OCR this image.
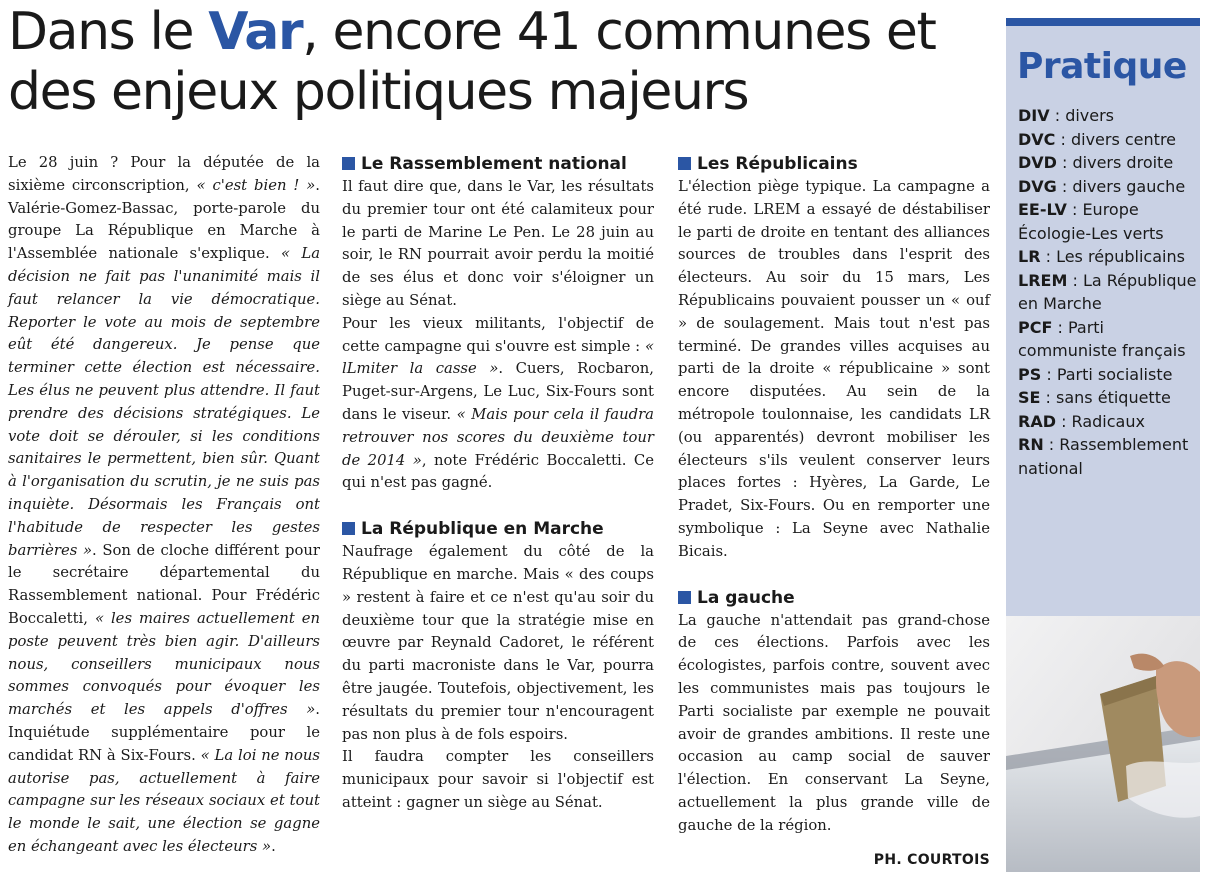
Dans le Var, encore 41 communes et des enjeux politiques majeurs

Le 28 juin ? Pour la députée de la sixième circonscription, « c'est bien ! ». Valérie-Gomez-Bassac, porte-parole du groupe La République en Marche à l'Assemblée nationale s'explique. « La décision ne fait pas l'unanimité mais il faut relancer la vie démocratique. Reporter le vote au mois de septembre eût été dangereux. Je pense que terminer cette élection est nécessaire. Les élus ne peuvent plus attendre. Il faut prendre des décisions stratégiques. Le vote doit se dérouler, si les conditions sanitaires le permettent, bien sûr. Quant à l'organisation du scrutin, je ne suis pas inquiète. Désormais les Français ont l'habitude de respecter les gestes barrières ». Son de cloche différent pour le secrétaire départemental du Rassemblement national. Pour Frédéric Boccaletti, « les maires actuellement en poste peuvent très bien agir. D'ailleurs nous, conseillers municipaux nous sommes convoqués pour évoquer les marchés et les appels d'offres ». Inquiétude supplémentaire pour le candidat RN à Six-Fours. « La loi ne nous autorise pas, actuellement à faire campagne sur les réseaux sociaux et tout le monde le sait, une élection se gagne en échangeant avec les électeurs ».

Le Rassemblement national

Il faut dire que, dans le Var, les résultats du premier tour ont été calamiteux pour le parti de Marine Le Pen. Le 28 juin au soir, le RN pourrait avoir perdu la moitié de ses élus et donc voir s'éloigner un siège au Sénat.

Pour les vieux militants, l'objectif de cette campagne qui s'ouvre est simple : « lLmiter la casse ». Cuers, Rocbaron, Puget-sur-Argens, Le Luc, Six-Fours sont dans le viseur. « Mais pour cela il faudra retrouver nos scores du deuxième tour de 2014 », note Frédéric Boccaletti. Ce qui n'est pas gagné.

La République en Marche

Naufrage également du côté de la République en marche. Mais « des coups » restent à faire et ce n'est qu'au soir du deuxième tour que la stratégie mise en œuvre par Reynald Cadoret, le référent du parti macroniste dans le Var, pourra être jaugée. Toutefois, objectivement, les résultats du premier tour n'encouragent pas non plus à de fols espoirs.

Il faudra compter les conseillers municipaux pour savoir si l'objectif est atteint : gagner un siège au Sénat.

Les Républicains

L'élection piège typique. La campagne a été rude. LREM a essayé de déstabiliser le parti de droite en tentant des alliances sources de troubles dans l'esprit des électeurs. Au soir du 15 mars, Les Républicains pouvaient pousser un « ouf » de soulagement. Mais tout n'est pas terminé. De grandes villes acquises au parti de la droite « républicaine » sont encore disputées. Au sein de la métropole toulonnaise, les candidats LR (ou apparentés) devront mobiliser les électeurs s'ils veulent conserver leurs places fortes : Hyères, La Garde, Le Pradet, Six-Fours. Ou en remporter une symbolique : La Seyne avec Nathalie Bicais.

La gauche

La gauche n'attendait pas grand-chose de ces élections. Parfois avec les écologistes, parfois contre, souvent avec les communistes mais pas toujours le Parti socialiste par exemple ne pouvait avoir de grandes ambitions. Il reste une occasion au camp social de sauver l'élection. En conservant La Seyne, actuellement la plus grande ville de gauche de la région.

PH. COURTOIS
Pratique
DIV : divers
DVC : divers centre
DVD : divers droite
DVG : divers gauche
EE-LV : Europe Écologie-Les verts
LR : Les républicains
LREM : La République en Marche
PCF : Parti communiste français
PS : Parti socialiste
SE : sans étiquette
RAD : Radicaux
RN : Rassemblement national
